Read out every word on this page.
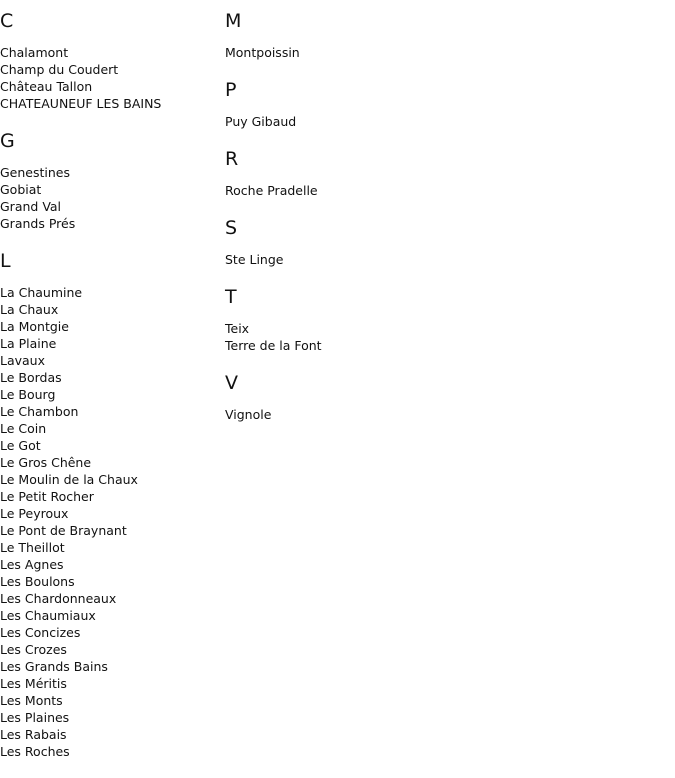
C
Chalamont
Champ du Coudert
Château Tallon
CHATEAUNEUF LES BAINS
G
Genestines
Gobiat
Grand Val
Grands Prés
L
La Chaumine
La Chaux
La Montgie
La Plaine
Lavaux
Le Bordas
Le Bourg
Le Chambon
Le Coin
Le Got
Le Gros Chêne
Le Moulin de la Chaux
Le Petit Rocher
Le Peyroux
Le Pont de Braynant
Le Theillot
Les Agnes
Les Boulons
Les Chardonneaux
Les Chaumiaux
Les Concizes
Les Crozes
Les Grands Bains
Les Méritis
Les Monts
Les Plaines
Les Rabais
Les Roches
M
Montpoissin
P
Puy Gibaud
R
Roche Pradelle
S
Ste Linge
T
Teix
Terre de la Font
V
Vignole
